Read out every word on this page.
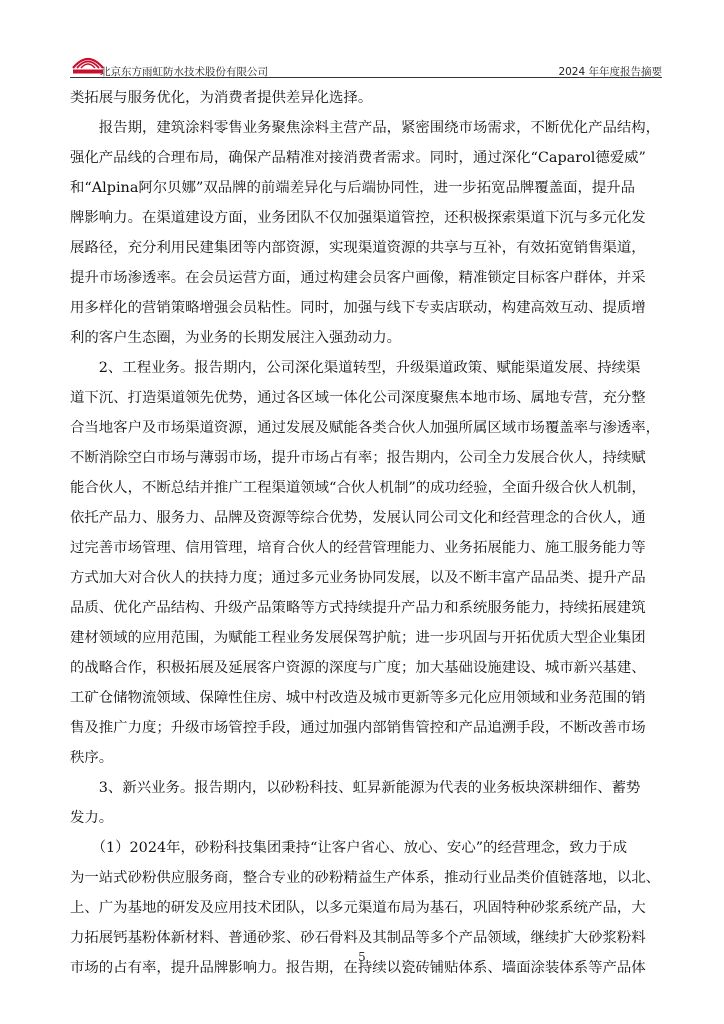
北京东方雨虹防水技术股份有限公司	2024 年年度报告摘要
类拓展与服务优化，为消费者提供差异化选择。
　　报告期，建筑涂料零售业务聚焦涂料主营产品，紧密围绕市场需求，不断优化产品结构，
强化产品线的合理布局，确保产品精准对接消费者需求。同时，通过深化“Caparol德爱威”
和“Alpina阿尔贝娜”双品牌的前端差异化与后端协同性，进一步拓宽品牌覆盖面，提升品
牌影响力。在渠道建设方面，业务团队不仅加强渠道管控，还积极探索渠道下沉与多元化发
展路径，充分利用民建集团等内部资源，实现渠道资源的共享与互补，有效拓宽销售渠道，
提升市场渗透率。在会员运营方面，通过构建会员客户画像，精准锁定目标客户群体，并采
用多样化的营销策略增强会员粘性。同时，加强与线下专卖店联动，构建高效互动、提质增
利的客户生态圈，为业务的长期发展注入强劲动力。
　　2、工程业务。报告期内，公司深化渠道转型，升级渠道政策、赋能渠道发展、持续渠
道下沉、打造渠道领先优势，通过各区域一体化公司深度聚焦本地市场、属地专营，充分整
合当地客户及市场渠道资源，通过发展及赋能各类合伙人加强所属区域市场覆盖率与渗透率，
不断消除空白市场与薄弱市场，提升市场占有率；报告期内，公司全力发展合伙人，持续赋
能合伙人，不断总结并推广工程渠道领域“合伙人机制”的成功经验，全面升级合伙人机制，
依托产品力、服务力、品牌及资源等综合优势，发展认同公司文化和经营理念的合伙人，通
过完善市场管理、信用管理，培育合伙人的经营管理能力、业务拓展能力、施工服务能力等
方式加大对合伙人的扶持力度；通过多元业务协同发展，以及不断丰富产品品类、提升产品
品质、优化产品结构、升级产品策略等方式持续提升产品力和系统服务能力，持续拓展建筑
建材领域的应用范围，为赋能工程业务发展保驾护航；进一步巩固与开拓优质大型企业集团
的战略合作，积极拓展及延展客户资源的深度与广度；加大基础设施建设、城市新兴基建、
工矿仓储物流领域、保障性住房、城中村改造及城市更新等多元化应用领域和业务范围的销
售及推广力度；升级市场管控手段，通过加强内部销售管控和产品追溯手段，不断改善市场
秩序。
　　3、新兴业务。报告期内，以砂粉科技、虹昇新能源为代表的业务板块深耕细作、蓄势
发力。
　　（1）2024年，砂粉科技集团秉持“让客户省心、放心、安心”的经营理念，致力于成
为一站式砂粉供应服务商，整合专业的砂粉精益生产体系，推动行业品类价值链落地，以北、
上、广为基地的研发及应用技术团队，以多元渠道布局为基石，巩固特种砂浆系统产品，大
力拓展钙基粉体新材料、普通砂浆、砂石骨料及其制品等多个产品领域，继续扩大砂浆粉料
市场的占有率，提升品牌影响力。报告期，在持续以瓷砖铺贴体系、墙面涂装体系等产品体
5
